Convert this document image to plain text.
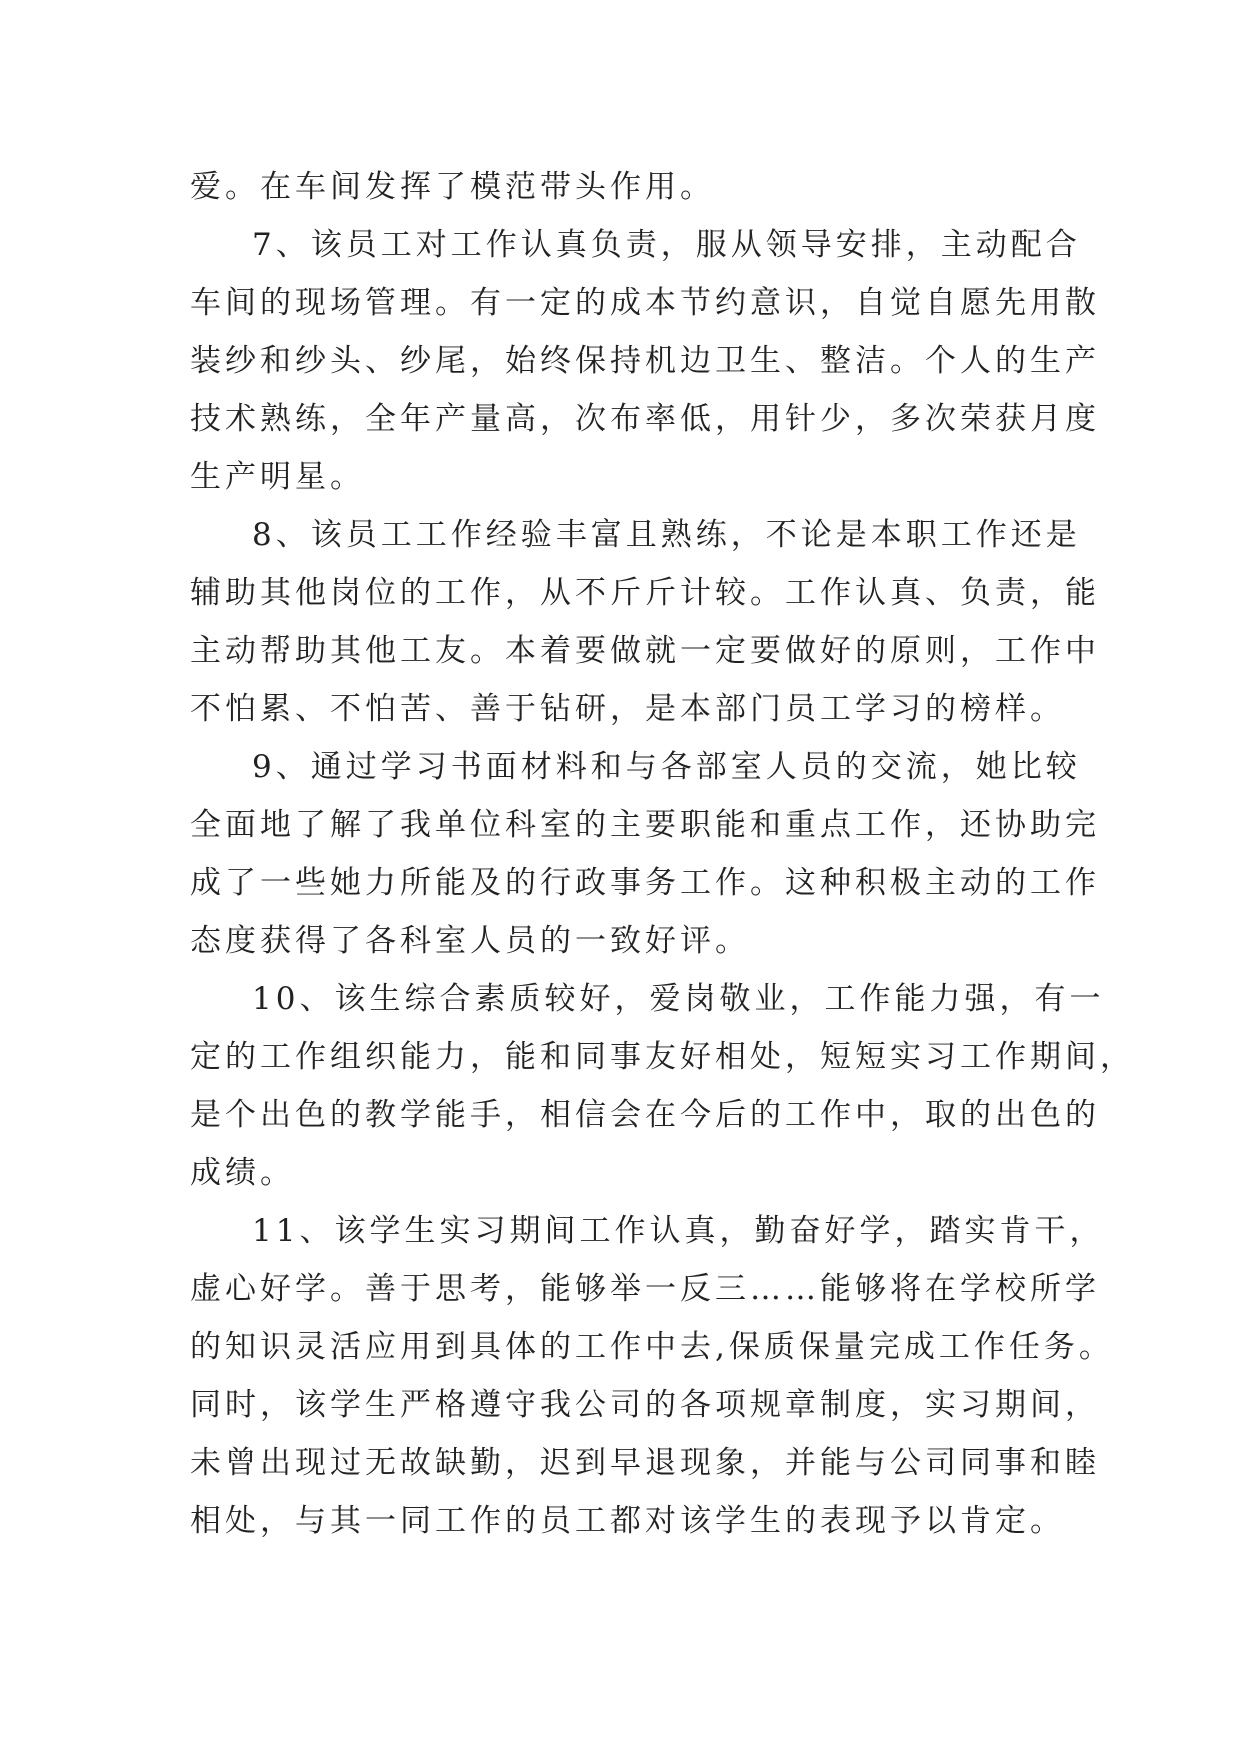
爱。在车间发挥了模范带头作用。
7、该员工对工作认真负责，服从领导安排，主动配合
车间的现场管理。有一定的成本节约意识，自觉自愿先用散
装纱和纱头、纱尾，始终保持机边卫生、整洁。个人的生产
技术熟练，全年产量高，次布率低，用针少，多次荣获月度
生产明星。
8、该员工工作经验丰富且熟练，不论是本职工作还是
辅助其他岗位的工作，从不斤斤计较。工作认真、负责，能
主动帮助其他工友。本着要做就一定要做好的原则，工作中
不怕累、不怕苦、善于钻研，是本部门员工学习的榜样。
9、通过学习书面材料和与各部室人员的交流，她比较
全面地了解了我单位科室的主要职能和重点工作，还协助完
成了一些她力所能及的行政事务工作。这种积极主动的工作
态度获得了各科室人员的一致好评。
10、该生综合素质较好，爱岗敬业，工作能力强，有一
定的工作组织能力，能和同事友好相处，短短实习工作期间，
是个出色的教学能手，相信会在今后的工作中，取的出色的
成绩。
11、该学生实习期间工作认真，勤奋好学，踏实肯干，
虚心好学。善于思考，能够举一反三……能够将在学校所学
的知识灵活应用到具体的工作中去,保质保量完成工作任务。
同时，该学生严格遵守我公司的各项规章制度，实习期间，
未曾出现过无故缺勤，迟到早退现象，并能与公司同事和睦
相处，与其一同工作的员工都对该学生的表现予以肯定。
